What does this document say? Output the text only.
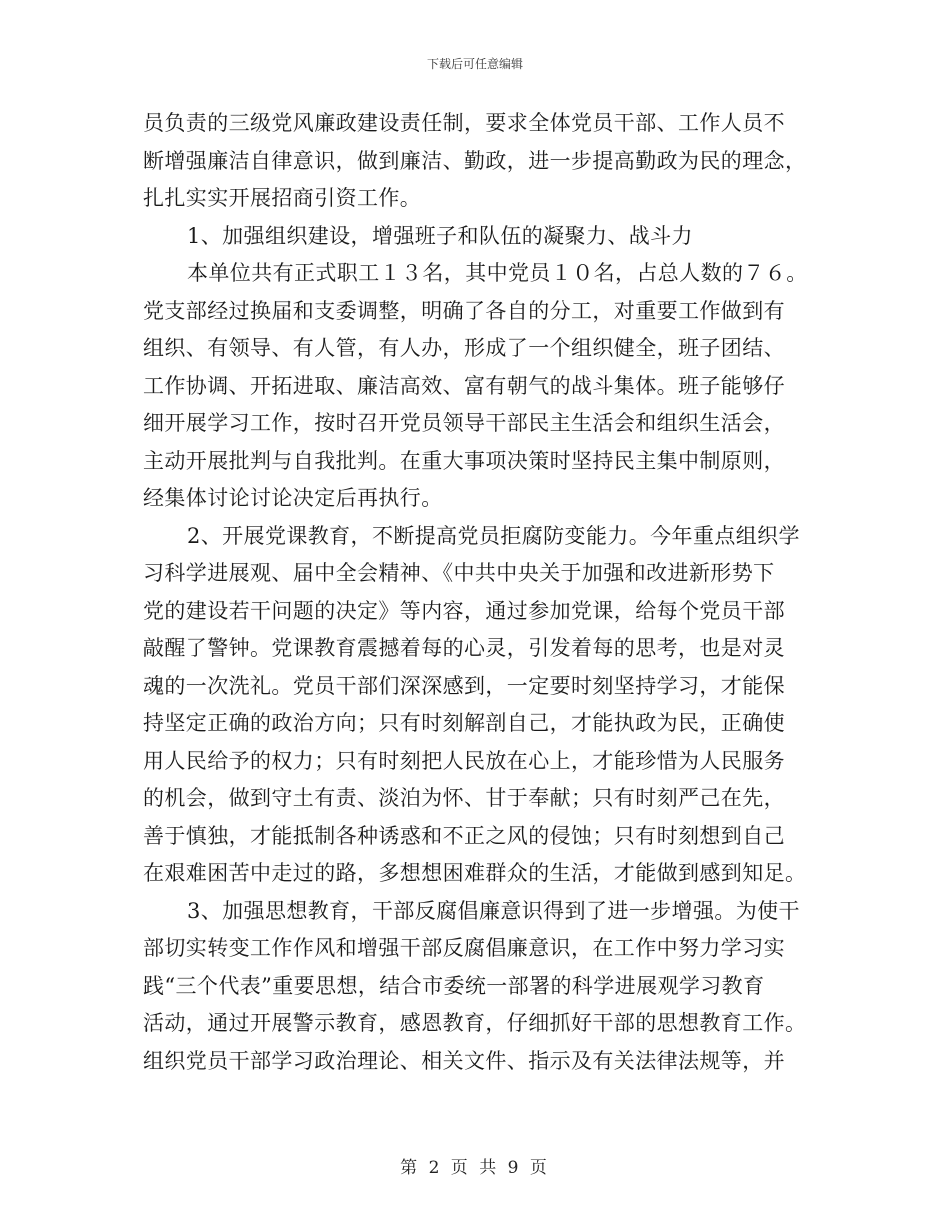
下载后可任意编辑
员负责的三级党风廉政建设责任制，要求全体党员干部、工作人员不
断增强廉洁自律意识，做到廉洁、勤政，进一步提高勤政为民的理念，
扎扎实实开展招商引资工作。
1、加强组织建设，增强班子和队伍的凝聚力、战斗力
本单位共有正式职工１３名，其中党员１０名，占总人数的７６。
党支部经过换届和支委调整，明确了各自的分工，对重要工作做到有
组织、有领导、有人管，有人办，形成了一个组织健全，班子团结、
工作协调、开拓进取、廉洁高效、富有朝气的战斗集体。班子能够仔
细开展学习工作，按时召开党员领导干部民主生活会和组织生活会，
主动开展批判与自我批判。在重大事项决策时坚持民主集中制原则，
经集体讨论讨论决定后再执行。
2、开展党课教育，不断提高党员拒腐防变能力。今年重点组织学
习科学进展观、届中全会精神、《中共中央关于加强和改进新形势下
党的建设若干问题的决定》等内容，通过参加党课，给每个党员干部
敲醒了警钟。党课教育震撼着每的心灵，引发着每的思考，也是对灵
魂的一次洗礼。党员干部们深深感到，一定要时刻坚持学习，才能保
持坚定正确的政治方向；只有时刻解剖自己，才能执政为民，正确使
用人民给予的权力；只有时刻把人民放在心上，才能珍惜为人民服务
的机会，做到守土有责、淡泊为怀、甘于奉献；只有时刻严己在先，
善于慎独，才能抵制各种诱惑和不正之风的侵蚀；只有时刻想到自己
在艰难困苦中走过的路，多想想困难群众的生活，才能做到感到知足。
3、加强思想教育，干部反腐倡廉意识得到了进一步增强。为使干
部切实转变工作作风和增强干部反腐倡廉意识，在工作中努力学习实
践“三个代表”重要思想，结合市委统一部署的科学进展观学习教育
活动，通过开展警示教育，感恩教育，仔细抓好干部的思想教育工作。
组织党员干部学习政治理论、相关文件、指示及有关法律法规等，并
第 2 页 共 9 页
